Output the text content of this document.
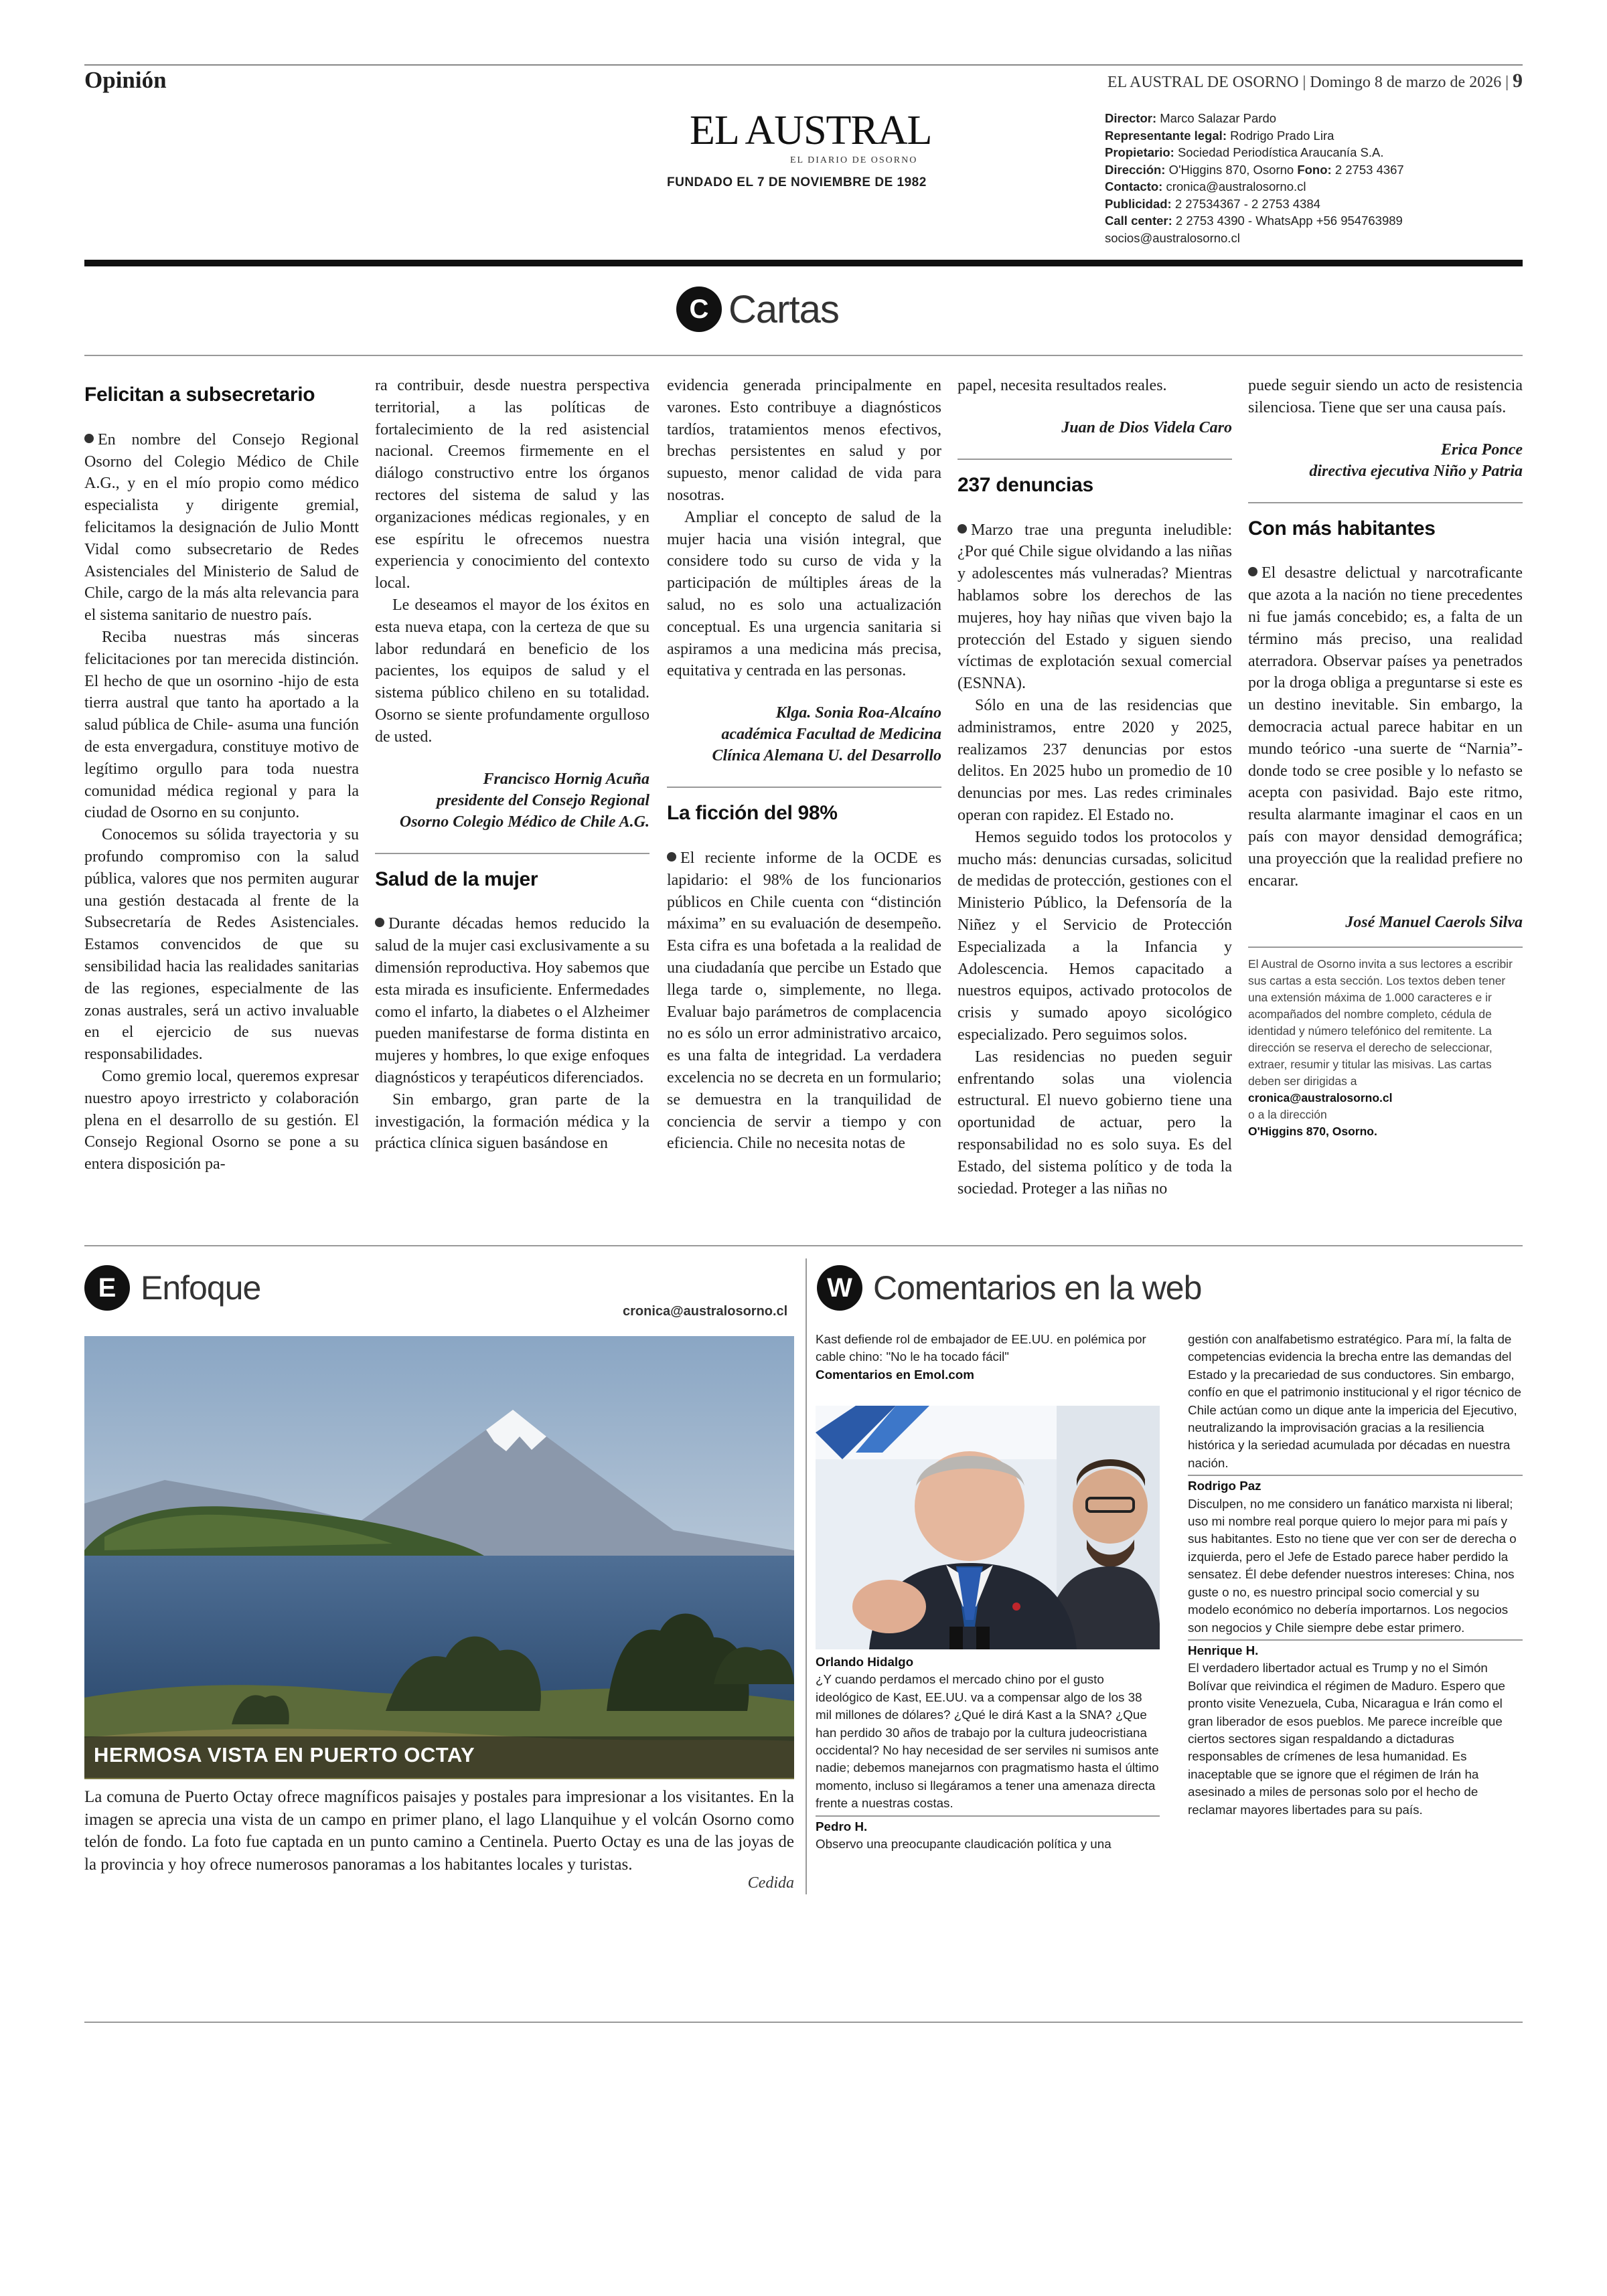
Opinión	EL AUSTRAL DE OSORNO | Domingo 8 de marzo de 2026 | 9
EL AUSTRAL
EL DIARIO DE OSORNO
FUNDADO EL 7 DE NOVIEMBRE DE 1982
Director: Marco Salazar Pardo
Representante legal: Rodrigo Prado Lira
Propietario: Sociedad Periodística Araucanía S.A.
Dirección: O'Higgins 870, Osorno Fono: 2 2753 4367
Contacto: cronica@australosorno.cl
Publicidad: 2 27534367 - 2 2753 4384
Call center: 2 2753 4390 - WhatsApp +56 954763989
socios@australosorno.cl
C Cartas
Felicitan a subsecretario

En nombre del Consejo Regional Osorno del Colegio Médico de Chile A.G., y en el mío propio como médico especialista y dirigente gremial, felicitamos la designación de Julio Montt Vidal como subsecretario de Redes Asistenciales del Ministerio de Salud de Chile, cargo de la más alta relevancia para el sistema sanitario de nuestro país.

Reciba nuestras más sinceras felicitaciones por tan merecida distinción. El hecho de que un osornino -hijo de esta tierra austral que tanto ha aportado a la salud pública de Chile- asuma una función de esta envergadura, constituye motivo de legítimo orgullo para toda nuestra comunidad médica regional y para la ciudad de Osorno en su conjunto.

Conocemos su sólida trayectoria y su profundo compromiso con la salud pública, valores que nos permiten augurar una gestión destacada al frente de la Subsecretaría de Redes Asistenciales. Estamos convencidos de que su sensibilidad hacia las realidades sanitarias de las regiones, especialmente de las zonas australes, será un activo invaluable en el ejercicio de sus nuevas responsabilidades.

Como gremio local, queremos expresar nuestro apoyo irrestricto y colaboración plena en el desarrollo de su gestión. El Consejo Regional Osorno se pone a su entera disposición pa-

ra contribuir, desde nuestra perspectiva territorial, a las políticas de fortalecimiento de la red asistencial nacional. Creemos firmemente en el diálogo constructivo entre los órganos rectores del sistema de salud y las organizaciones médicas regionales, y en ese espíritu le ofrecemos nuestra experiencia y conocimiento del contexto local.

Le deseamos el mayor de los éxitos en esta nueva etapa, con la certeza de que su labor redundará en beneficio de los pacientes, los equipos de salud y el sistema público chileno en su totalidad. Osorno se siente profundamente orgulloso de usted.

Francisco Hornig Acuña
presidente del Consejo Regional
Osorno Colegio Médico de Chile A.G.
Salud de la mujer

Durante décadas hemos reducido la salud de la mujer casi exclusivamente a su dimensión reproductiva. Hoy sabemos que esta mirada es insuficiente. Enfermedades como el infarto, la diabetes o el Alzheimer pueden manifestarse de forma distinta en mujeres y hombres, lo que exige enfoques diagnósticos y terapéuticos diferenciados.

Sin embargo, gran parte de la investigación, la formación médica y la práctica clínica siguen basándose en

evidencia generada principalmente en varones. Esto contribuye a diagnósticos tardíos, tratamientos menos efectivos, brechas persistentes en salud y por supuesto, menor calidad de vida para nosotras.

Ampliar el concepto de salud de la mujer hacia una visión integral, que considere todo su curso de vida y la participación de múltiples áreas de la salud, no es solo una actualización conceptual. Es una urgencia sanitaria si aspiramos a una medicina más precisa, equitativa y centrada en las personas.

Klga. Sonia Roa-Alcaíno
académica Facultad de Medicina
Clínica Alemana U. del Desarrollo
La ficción del 98%

El reciente informe de la OCDE es lapidario: el 98% de los funcionarios públicos en Chile cuenta con “distinción máxima” en su evaluación de desempeño. Esta cifra es una bofetada a la realidad de una ciudadanía que percibe un Estado que llega tarde o, simplemente, no llega. Evaluar bajo parámetros de complacencia no es sólo un error administrativo arcaico, es una falta de integridad. La verdadera excelencia no se decreta en un formulario; se demuestra en la tranquilidad de conciencia de servir a tiempo y con eficiencia. Chile no necesita notas de

papel, necesita resultados reales.

Juan de Dios Videla Caro
237 denuncias

Marzo trae una pregunta ineludible: ¿Por qué Chile sigue olvidando a las niñas y adolescentes más vulneradas? Mientras hablamos sobre los derechos de las mujeres, hoy hay niñas que viven bajo la protección del Estado y siguen siendo víctimas de explotación sexual comercial (ESNNA).

Sólo en una de las residencias que administramos, entre 2020 y 2025, realizamos 237 denuncias por estos delitos. En 2025 hubo un promedio de 10 denuncias por mes. Las redes criminales operan con rapidez. El Estado no.

Hemos seguido todos los protocolos y mucho más: denuncias cursadas, solicitud de medidas de protección, gestiones con el Ministerio Público, la Defensoría de la Niñez y el Servicio de Protección Especializada a la Infancia y Adolescencia. Hemos capacitado a nuestros equipos, activado protocolos de crisis y sumado apoyo sicológico especializado. Pero seguimos solos.

Las residencias no pueden seguir enfrentando solas una violencia estructural. El nuevo gobierno tiene una oportunidad de actuar, pero la responsabilidad no es solo suya. Es del Estado, del sistema político y de toda la sociedad. Proteger a las niñas no

puede seguir siendo un acto de resistencia silenciosa. Tiene que ser una causa país.

Erica Ponce
directiva ejecutiva Niño y Patria
Con más habitantes

El desastre delictual y narcotraficante que azota a la nación no tiene precedentes ni fue jamás concebido; es, a falta de un término más preciso, una realidad aterradora. Observar países ya penetrados por la droga obliga a preguntarse si este es un destino inevitable. Sin embargo, la democracia actual parece habitar en un mundo teórico -una suerte de “Narnia”- donde todo se cree posible y lo nefasto se acepta con pasividad. Bajo este ritmo, resulta alarmante imaginar el caos en un país con mayor densidad demográfica; una proyección que la realidad prefiere no encarar.

José Manuel Caerols Silva
El Austral de Osorno invita a sus lectores a escribir sus cartas a esta sección. Los textos deben tener una extensión máxima de 1.000 caracteres e ir acompañados del nombre completo, cédula de identidad y número telefónico del remitente. La dirección se reserva el derecho de seleccionar, extraer, resumir y titular las misivas. Las cartas deben ser dirigidas a
cronica@australosorno.cl
o a la dirección
O'Higgins 870, Osorno.
E Enfoque
cronica@australosorno.cl
HERMOSA VISTA EN PUERTO OCTAY
La comuna de Puerto Octay ofrece magníficos paisajes y postales para impresionar a los visitantes. En la imagen se aprecia una vista de un campo en primer plano, el lago Llanquihue y el volcán Osorno como telón de fondo. La foto fue captada en un punto camino a Centinela. Puerto Octay es una de las joyas de la provincia y hoy ofrece numerosos panoramas a los habitantes locales y turistas.
Cedida
W Comentarios en la web
Kast defiende rol de embajador de EE.UU. en polémica por cable chino: "No le ha tocado fácil"
Comentarios en Emol.com
Orlando Hidalgo
¿Y cuando perdamos el mercado chino por el gusto ideológico de Kast, EE.UU. va a compensar algo de los 38 mil millones de dólares? ¿Qué le dirá Kast a la SNA? ¿Que han perdido 30 años de trabajo por la cultura judeocristiana occidental? No hay necesidad de ser serviles ni sumisos ante nadie; debemos manejarnos con pragmatismo hasta el último momento, incluso si llegáramos a tener una amenaza directa frente a nuestras costas.
Pedro H.
Observo una preocupante claudicación política y una
gestión con analfabetismo estratégico. Para mí, la falta de competencias evidencia la brecha entre las demandas del Estado y la precariedad de sus conductores. Sin embargo, confío en que el patrimonio institucional y el rigor técnico de Chile actúan como un dique ante la impericia del Ejecutivo, neutralizando la improvisación gracias a la resiliencia histórica y la seriedad acumulada por décadas en nuestra nación.
Rodrigo Paz
Disculpen, no me considero un fanático marxista ni liberal; uso mi nombre real porque quiero lo mejor para mi país y sus habitantes. Esto no tiene que ver con ser de derecha o izquierda, pero el Jefe de Estado parece haber perdido la sensatez. Él debe defender nuestros intereses: China, nos guste o no, es nuestro principal socio comercial y su modelo económico no debería importarnos. Los negocios son negocios y Chile siempre debe estar primero.
Henrique H.
El verdadero libertador actual es Trump y no el Simón Bolívar que reivindica el régimen de Maduro. Espero que pronto visite Venezuela, Cuba, Nicaragua e Irán como el gran liberador de esos pueblos. Me parece increíble que ciertos sectores sigan respaldando a dictaduras responsables de crímenes de lesa humanidad. Es inaceptable que se ignore que el régimen de Irán ha asesinado a miles de personas solo por el hecho de reclamar mayores libertades para su país.
